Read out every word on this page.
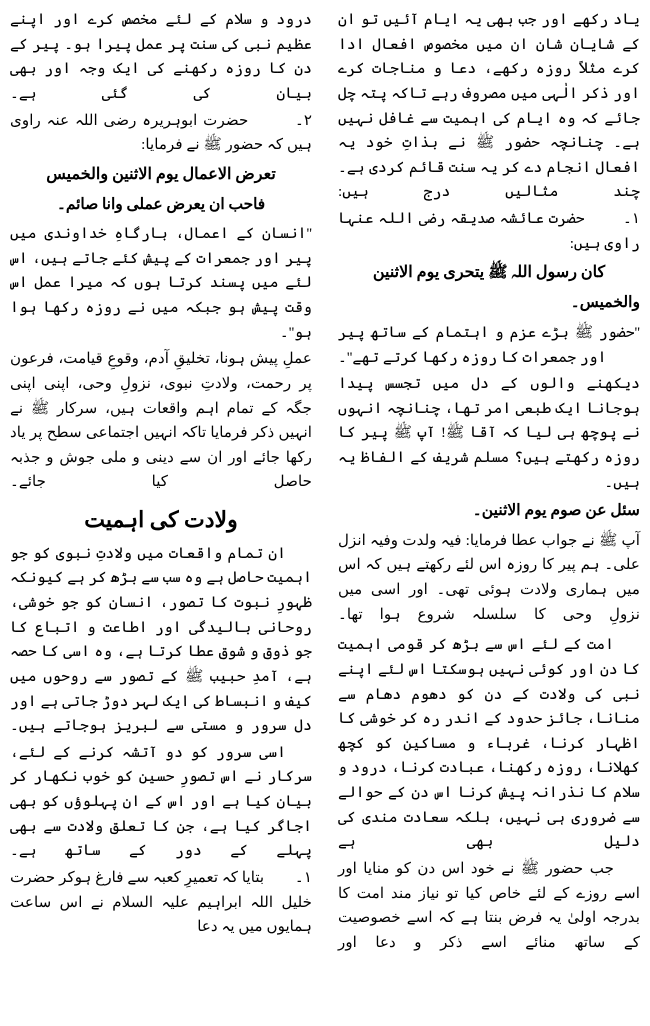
یاد رکھے اور جب بھی یہ ایام آئیں تو ان کے شایان شان ان میں مخصوص افعال ادا کرے مثلاً روزہ رکھے، دعا و مناجات کرے اور ذکر الٰہی میں مصروف رہے تاکہ پتہ چل جائے کہ وہ ایام کی اہمیت سے غافل نہیں ہے۔ چنانچہ حضور ﷺ نے بذاتِ خود یہ افعال انجام دے کر یہ سنت قائم کردی ہے۔ چند مثالیں درج ہیں:

۱۔        حضرت عائشہ صدیقہ رضی اللہ عنہا راوی ہیں:

کان رسول اللہ ﷺ یتحری یوم الاثنین

والخمیس۔

''حضور ﷺ بڑے عزم و اہتمام کے ساتھ پیر اور جمعرات کا روزہ رکھا کرتے تھے''۔

دیکھنے والوں کے دل میں تجسس پیدا ہوجانا ایک طبعی امر تھا، چنانچہ انہوں نے پوچھ ہی لیا کہ آقا ﷺ! آپ ﷺ پیر کا روزہ رکھتے ہیں؟ مسلم شریف کے الفاظ یہ ہیں۔

سئل عن صوم یوم الاثنین۔

آپ ﷺ نے جواب عطا فرمایا: فیہ ولدت وفیہ انزل علی۔ ہم پیر کا روزہ اس لئے رکھتے ہیں کہ اس میں ہماری ولادت ہوئی تھی۔ اور اسی میں نزولِ وحی کا سلسلہ شروع ہوا تھا۔

امت کے لئے اس سے بڑھ کر قومی اہمیت کا دن اور کوئی نہیں ہوسکتا اس لئے اپنے نبی کی ولادت کے دن کو دھوم دھام سے منانا، جائز حدود کے اندر رہ کر خوشی کا اظہار کرنا، غرباء و مساکین کو کچھ کھلانا، روزہ رکھنا، عبادت کرنا، درود و سلام کا نذرانہ پیش کرنا اس دن کے حوالے سے ضروری ہی نہیں، بلکہ سعادت مندی کی دلیل بھی ہے

جب حضور ﷺ نے خود اس دن کو منایا اور اسے روزے کے لئے خاص کیا تو نیاز مند امت کا بدرجہ اولیٰ یہ فرض بنتا ہے کہ اسے خصوصیت کے ساتھ منائے اسے ذکر و دعا اور

درود و سلام کے لئے مخصص کرے اور اپنے عظیم نبی کی سنت پر عمل پیرا ہو۔ پیر کے دن کا روزہ رکھنے کی ایک وجہ اور بھی بیان کی گئی ہے۔

۲۔        حضرت ابوہریرہ رضی اللہ عنہ راوی ہیں کہ حضور ﷺ نے فرمایا:

تعرض الاعمال یوم الاثنین والخمیس

فاحب ان یعرض عملی وانا صائم۔

''انسان کے اعمال، بارگاہِ خداوندی میں پیر اور جمعرات کے پیش کئے جاتے ہیں، اس لئے میں پسند کرتا ہوں کہ میرا عمل اس وقت پیش ہو جبکہ میں نے روزہ رکھا ہوا ہو''۔

عملِ پیش ہونا، تخلیقِ آدم، وقوعِ قیامت، فرعون پر رحمت، ولادتِ نبوی، نزولِ وحی، اپنی اپنی جگہ کے تمام اہم واقعات ہیں، سرکار ﷺ نے انہیں ذکر فرمایا تاکہ انہیں اجتماعی سطح پر یاد رکھا جائے اور ان سے دینی و ملی جوش و جذبہ حاصل کیا جائے۔

ولادت کی اہمیت

ان تمام واقعات میں ولادتِ نبوی کو جو اہمیت حاصل ہے وہ سب سے بڑھ کر ہے کیونکہ ظہورِ نبوت کا تصور، انسان کو جو خوشی، روحانی بالیدگی اور اطاعت و اتباع کا جو ذوق و شوق عطا کرتا ہے، وہ اسی کا حصہ ہے، آمدِ حبیب ﷺ کے تصور سے روحوں میں کیف و انبساط کی ایک لہر دوڑ جاتی ہے اور دل سرور و مستی سے لبریز ہوجاتے ہیں۔

اسی سرور کو دو آتشہ کرنے کے لئے، سرکار نے اس تصورِ حسین کو خوب نکھار کر بیان کیا ہے اور اس کے ان پہلوؤں کو بھی اجاگر کیا ہے، جن کا تعلق ولادت سے بھی پہلے کے دور کے ساتھ ہے۔

۱۔        بتایا کہ تعمیرِ کعبہ سے فارغ ہوکر حضرت خلیل اللہ ابراہیم علیہ السلام نے اس ساعت ہمایوں میں یہ دعا
